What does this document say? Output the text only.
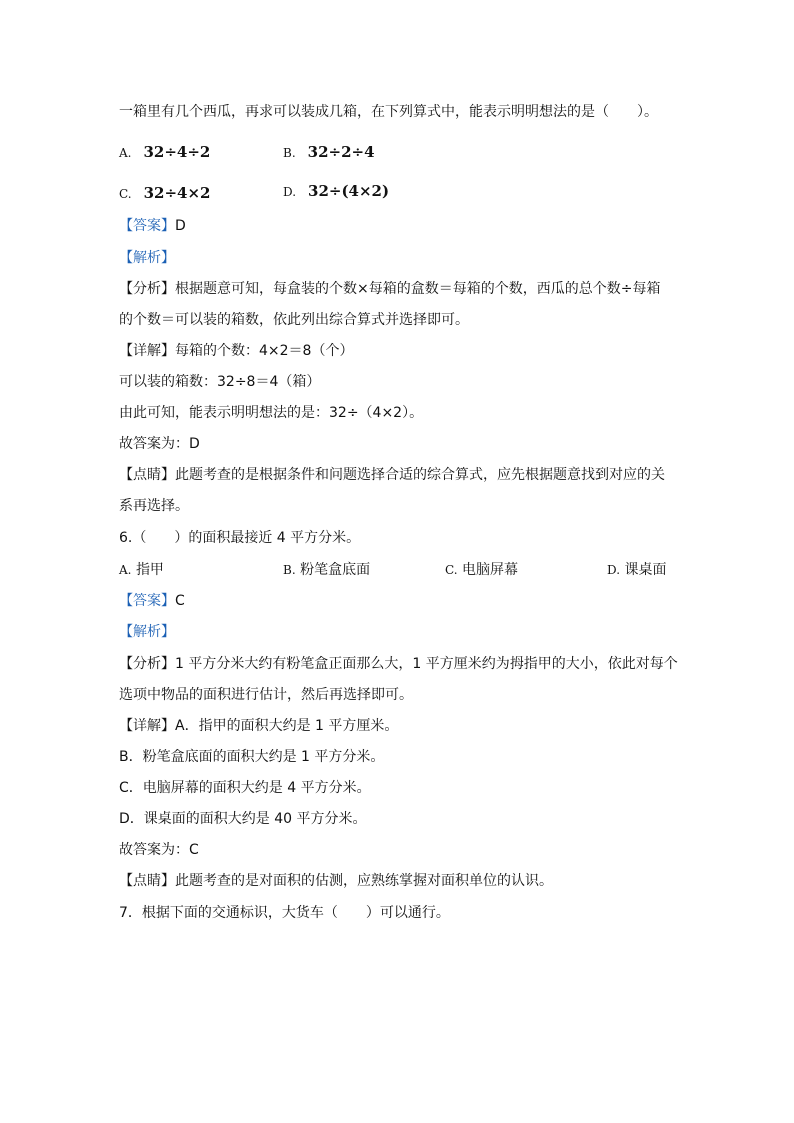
一箱里有几个西瓜，再求可以装成几箱，在下列算式中，能表示明明想法的是（　　）。
A. 32÷4÷2	B. 32÷2÷4
C. 32÷4×2	D. 32÷(4×2)
【答案】D
【解析】
【分析】根据题意可知，每盒装的个数×每箱的盒数＝每箱的个数，西瓜的总个数÷每箱
的个数＝可以装的箱数，依此列出综合算式并选择即可。
【详解】每箱的个数：4×2＝8（个）
可以装的箱数：32÷8＝4（箱）
由此可知，能表示明明想法的是：32÷（4×2）。
故答案为：D
【点睛】此题考查的是根据条件和问题选择合适的综合算式，应先根据题意找到对应的关
系再选择。
6.（　　）的面积最接近 4 平方分米。
A. 指甲	B. 粉笔盒底面	C. 电脑屏幕	D. 课桌面
【答案】C
【解析】
【分析】1 平方分米大约有粉笔盒正面那么大，1 平方厘米约为拇指甲的大小，依此对每个
选项中物品的面积进行估计，然后再选择即可。
【详解】A．指甲的面积大约是 1 平方厘米。
B．粉笔盒底面的面积大约是 1 平方分米。
C．电脑屏幕的面积大约是 4 平方分米。
D．课桌面的面积大约是 40 平方分米。
故答案为：C
【点睛】此题考查的是对面积的估测，应熟练掌握对面积单位的认识。
7．根据下面的交通标识，大货车（　　）可以通行。
